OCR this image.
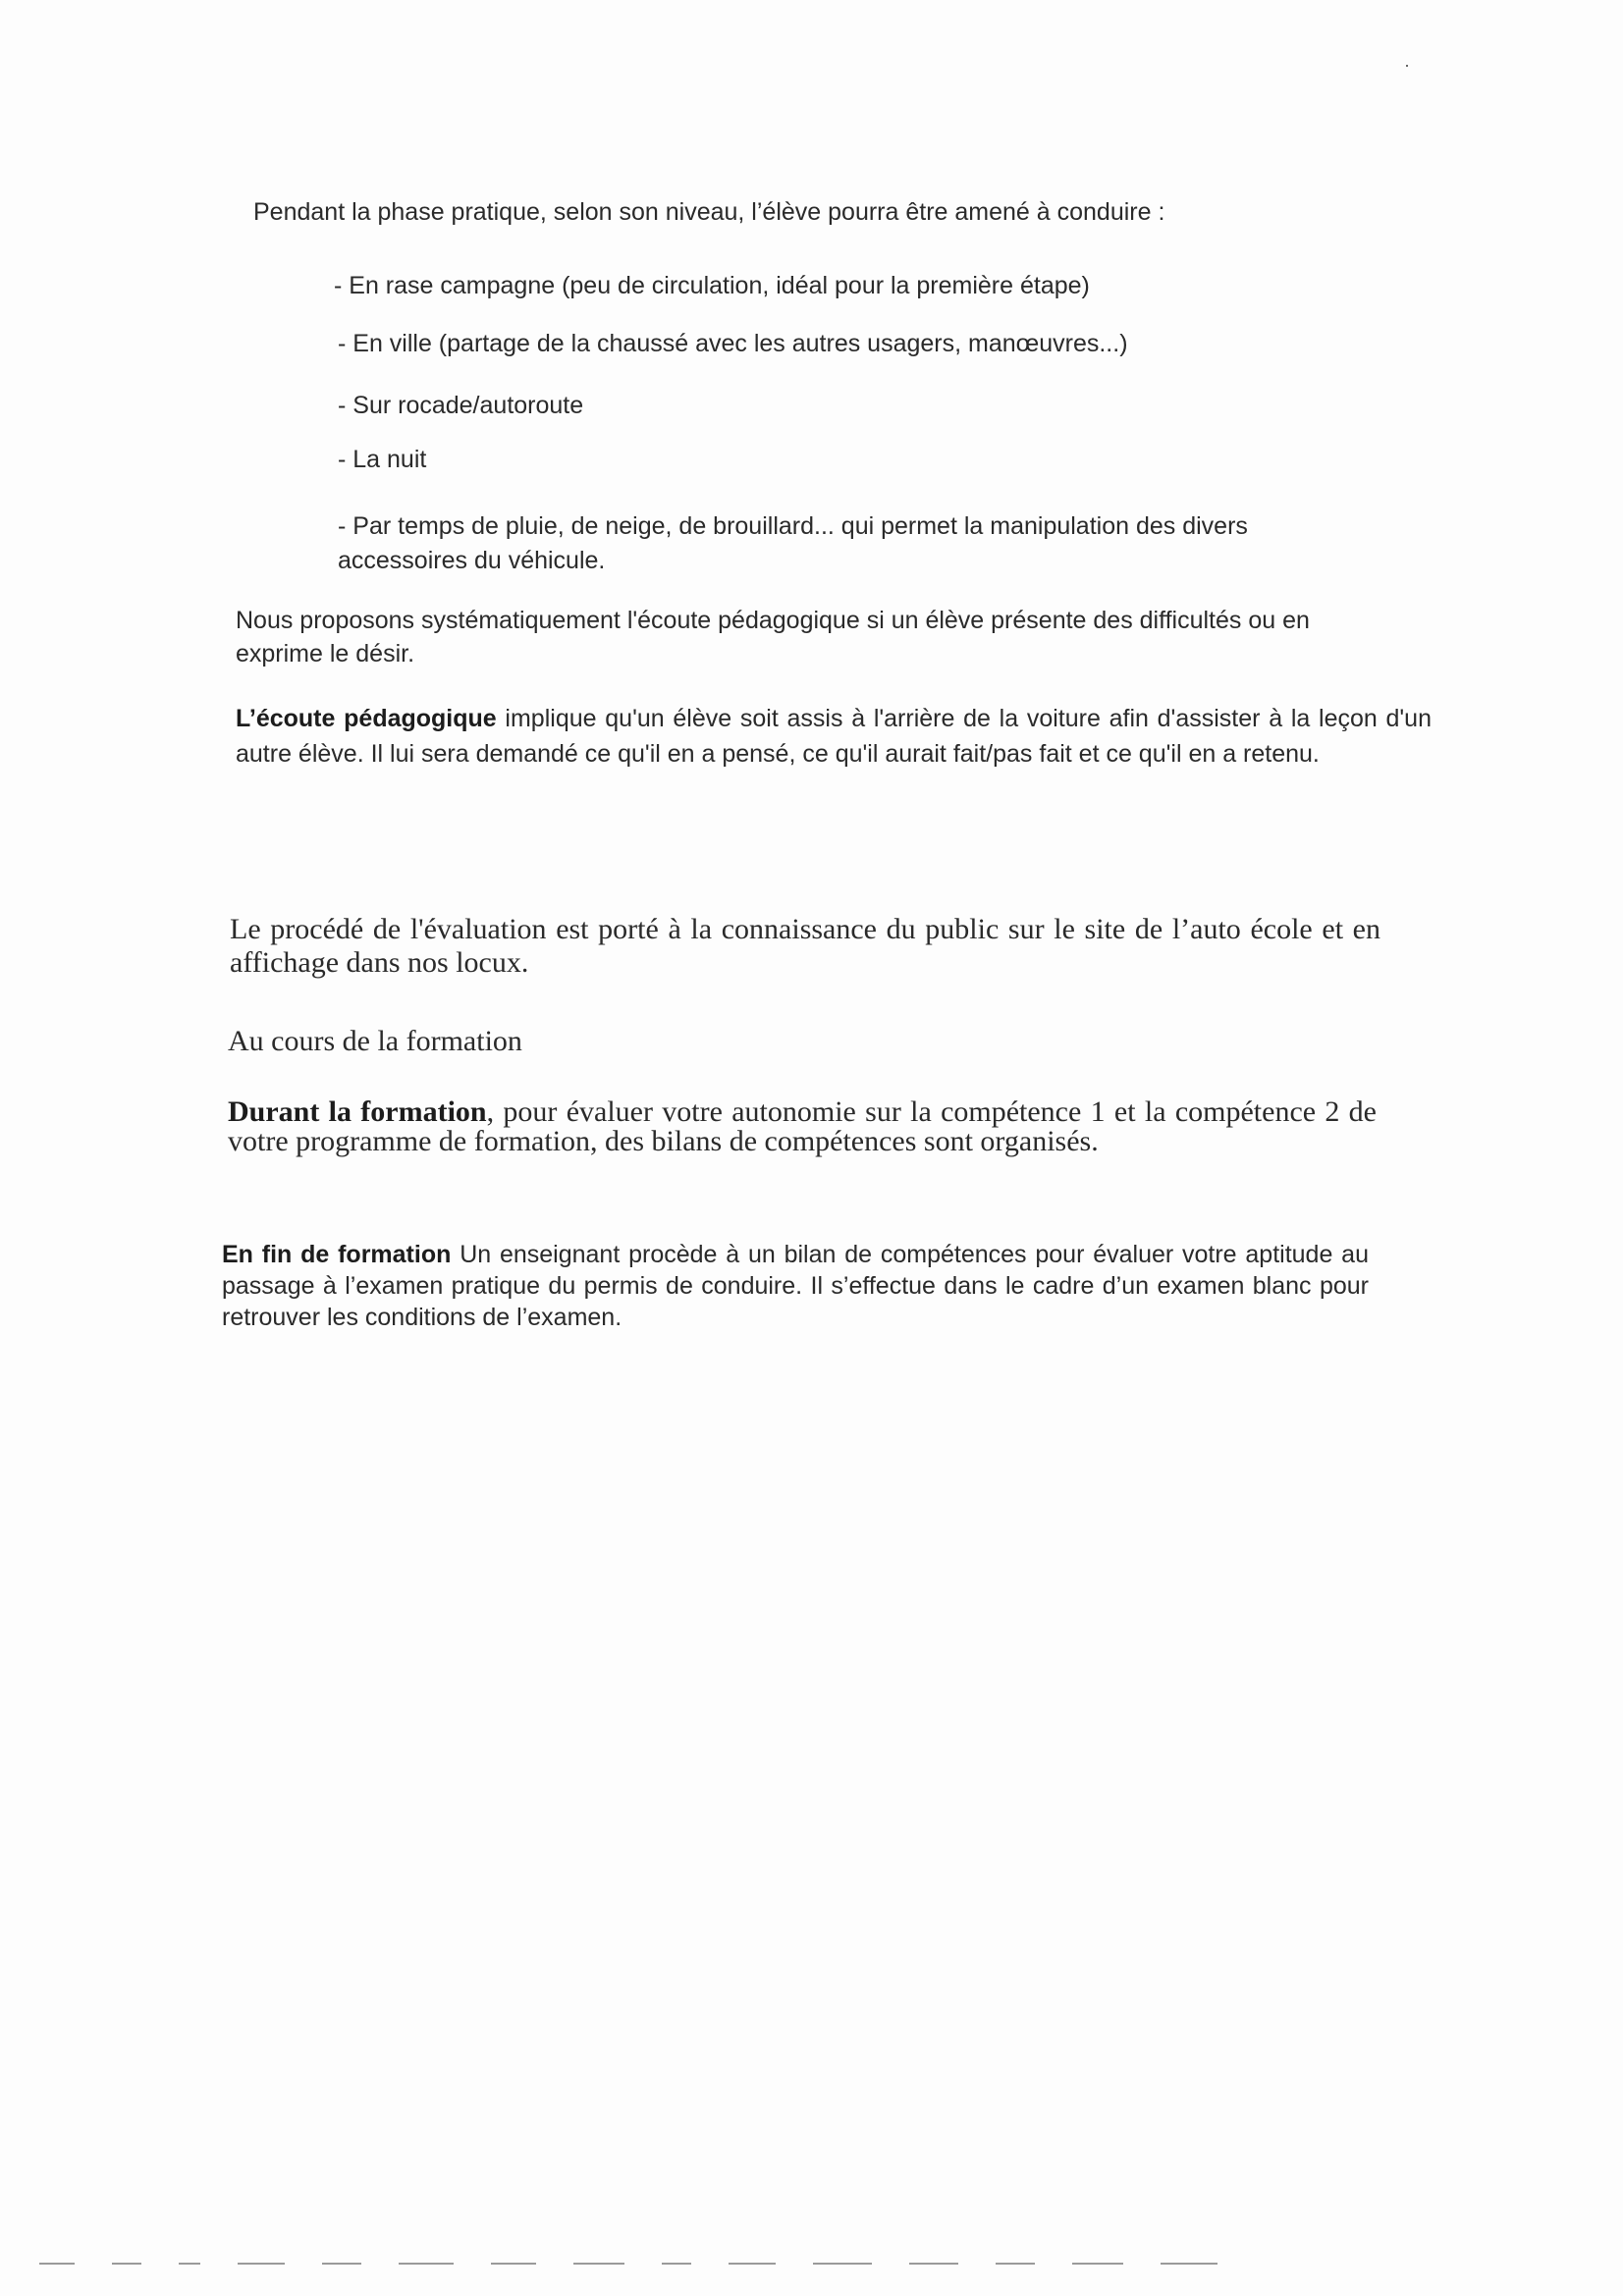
Pendant la phase pratique, selon son niveau, l’élève pourra être amené à conduire :

- En rase campagne (peu de circulation, idéal pour la première étape)

- En ville (partage de la chaussé avec les autres usagers, manœuvres...)

- Sur rocade/autoroute

- La nuit

- Par temps de pluie, de neige, de brouillard... qui permet la manipulation des divers

accessoires du véhicule.

Nous proposons systématiquement l'écoute pédagogique si un élève présente des difficultés ou en

exprime le désir.

L’écoute pédagogique implique qu'un élève soit assis à l'arrière de la voiture afin d'assister à la leçon d'un autre élève. Il lui sera demandé ce qu'il en a pensé, ce qu'il aurait fait/pas fait et ce qu'il en a retenu.

Le procédé de l'évaluation est porté à la connaissance du public sur le site de l’auto école et en affichage dans nos locux.

Au cours de la formation

Durant la formation, pour évaluer votre autonomie sur la compétence 1 et la compétence 2 de votre programme de formation, des bilans de compétences sont organisés.

En fin de formation Un enseignant procède à un bilan de compétences pour évaluer votre aptitude au passage à l’examen pratique du permis de conduire. Il s’effectue dans le cadre d’un examen blanc pour retrouver les conditions de l’examen.
